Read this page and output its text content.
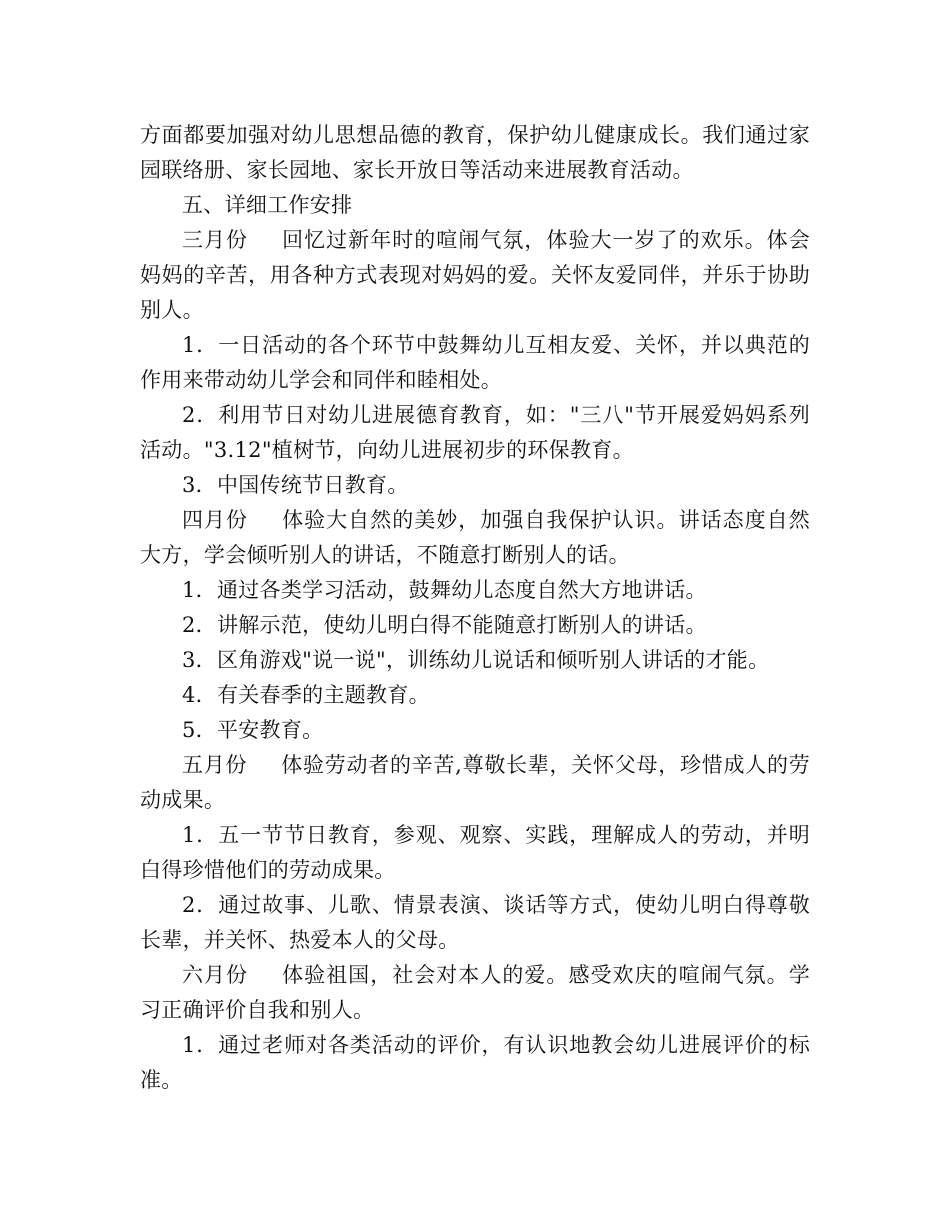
方面都要加强对幼儿思想品德的教育，保护幼儿健康成长。我们通过家园联络册、家长园地、家长开放日等活动来进展教育活动。

五、详细工作安排

三月份 回忆过新年时的喧闹气氛，体验大一岁了的欢乐。体会妈妈的辛苦，用各种方式表现对妈妈的爱。关怀友爱同伴，并乐于协助别人。

1．一日活动的各个环节中鼓舞幼儿互相友爱、关怀，并以典范的作用来带动幼儿学会和同伴和睦相处。

2．利用节日对幼儿进展德育教育，如："三八"节开展爱妈妈系列活动。"3.12"植树节，向幼儿进展初步的环保教育。

3．中国传统节日教育。

四月份 体验大自然的美妙，加强自我保护认识。讲话态度自然大方，学会倾听别人的讲话，不随意打断别人的话。

1．通过各类学习活动，鼓舞幼儿态度自然大方地讲话。

2．讲解示范，使幼儿明白得不能随意打断别人的讲话。

3．区角游戏"说一说"，训练幼儿说话和倾听别人讲话的才能。

4．有关春季的主题教育。

5．平安教育。

五月份 体验劳动者的辛苦,尊敬长辈，关怀父母，珍惜成人的劳动成果。

1．五一节节日教育，参观、观察、实践，理解成人的劳动，并明白得珍惜他们的劳动成果。

2．通过故事、儿歌、情景表演、谈话等方式，使幼儿明白得尊敬长辈，并关怀、热爱本人的父母。

六月份 体验祖国，社会对本人的爱。感受欢庆的喧闹气氛。学习正确评价自我和别人。

1．通过老师对各类活动的评价，有认识地教会幼儿进展评价的标准。
